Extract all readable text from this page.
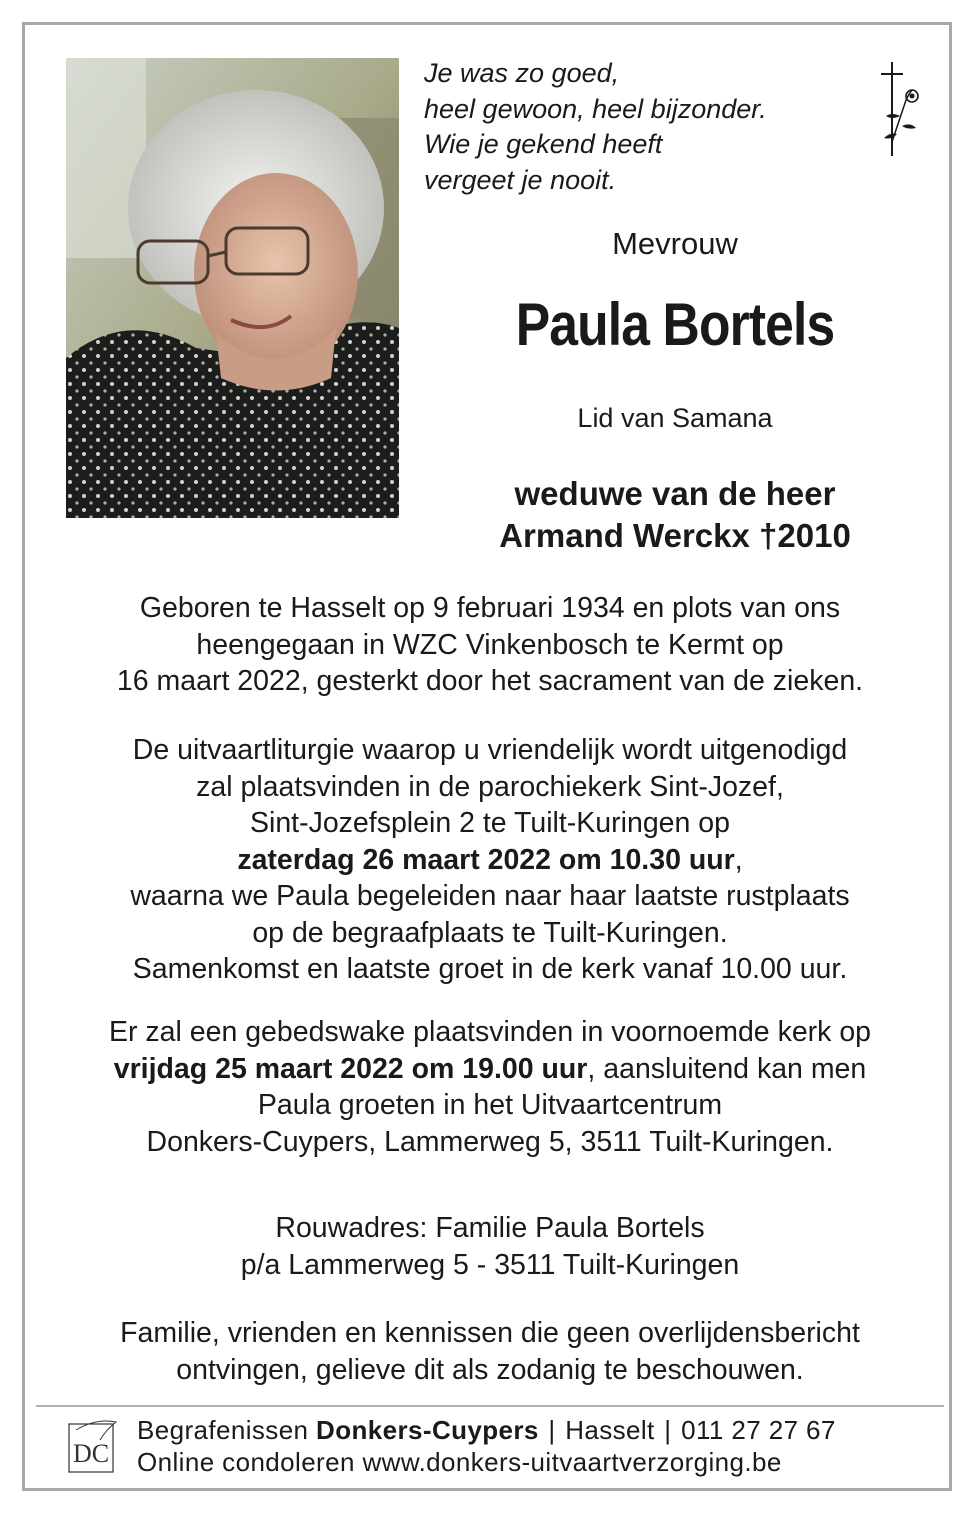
Je was zo goed,
heel gewoon, heel bijzonder.
Wie je gekend heeft
vergeet je nooit.
Mevrouw
Paula Bortels
Lid van Samana
weduwe van de heer
Armand Werckx †2010
Geboren te Hasselt op 9 februari 1934 en plots van ons
heengegaan in WZC Vinkenbosch te Kermt op
16 maart 2022, gesterkt door het sacrament van de zieken.
De uitvaartliturgie waarop u vriendelijk wordt uitgenodigd
zal plaatsvinden in de parochiekerk Sint-Jozef,
Sint-Jozefsplein 2 te Tuilt-Kuringen op
zaterdag 26 maart 2022 om 10.30 uur,
waarna we Paula begeleiden naar haar laatste rustplaats
op de begraafplaats te Tuilt-Kuringen.
Samenkomst en laatste groet in de kerk vanaf 10.00 uur.
Er zal een gebedswake plaatsvinden in voornoemde kerk op
vrijdag 25 maart 2022 om 19.00 uur, aansluitend kan men
Paula groeten in het Uitvaartcentrum
Donkers-Cuypers, Lammerweg 5, 3511 Tuilt-Kuringen.
Rouwadres: Familie Paula Bortels
p/a Lammerweg 5 - 3511 Tuilt-Kuringen
Familie, vrienden en kennissen die geen overlijdensbericht
ontvingen, gelieve dit als zodanig te beschouwen.
DC
Begrafenissen Donkers-Cuypers | Hasselt | 011 27 27 67
Online condoleren www.donkers-uitvaartverzorging.be
